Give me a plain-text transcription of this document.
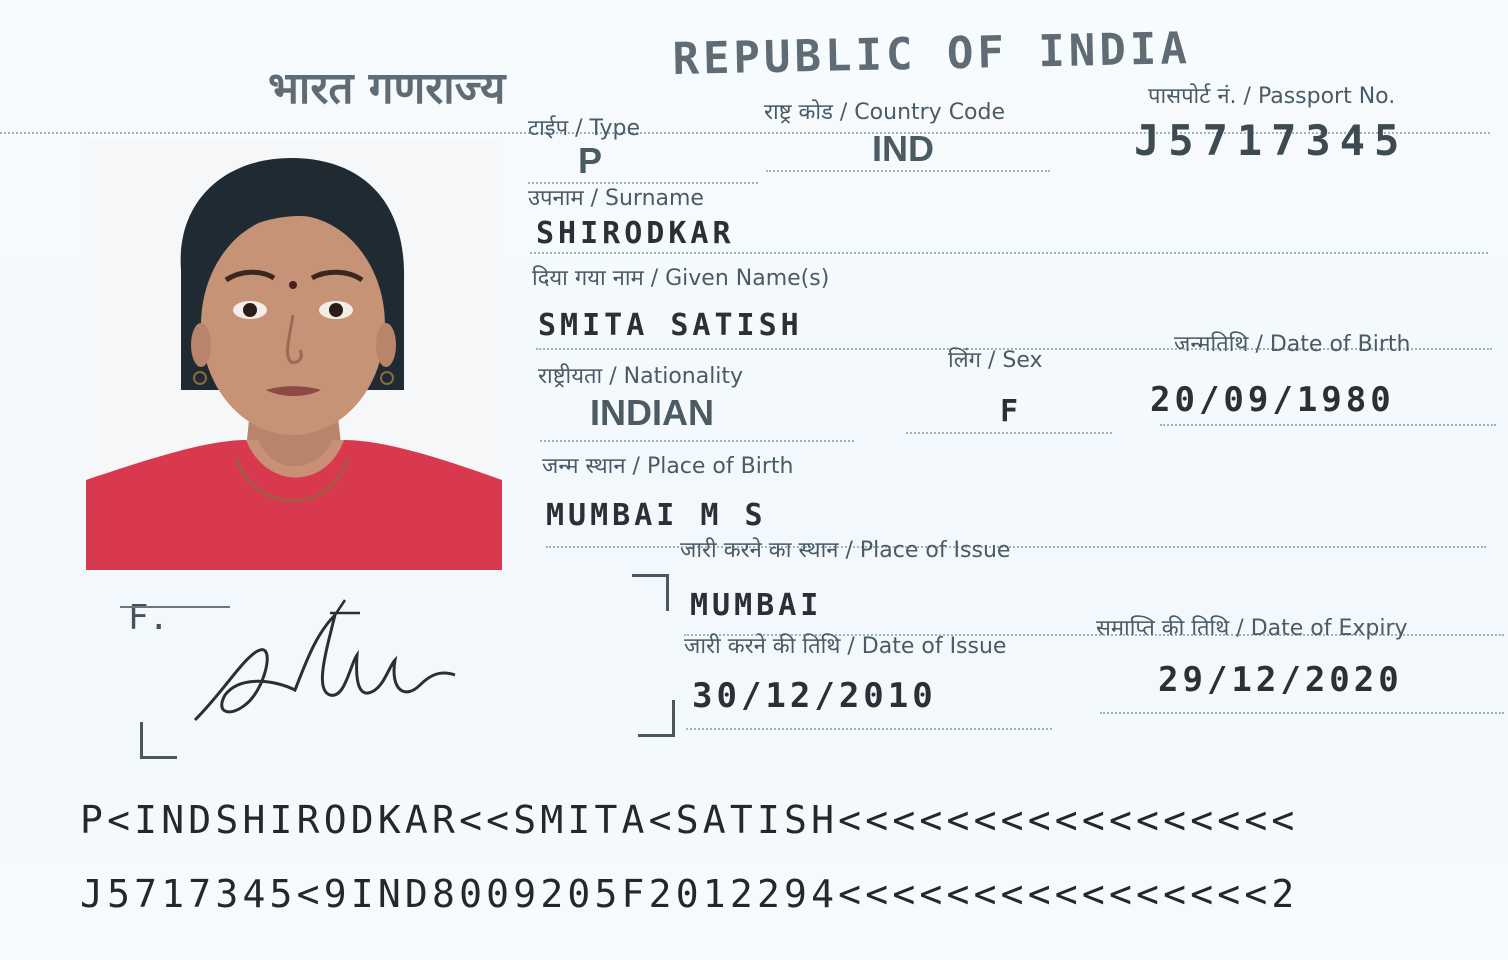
भारत गणराज्य
REPUBLIC OF INDIA
F.
टाईप / Type
P
राष्ट्र कोड / Country Code
IND
पासपोर्ट नं. / Passport No.
J5717345
उपनाम / Surname
SHIRODKAR
दिया गया नाम / Given Name(s)
SMITA SATISH
राष्ट्रीयता / Nationality
INDIAN
लिंग / Sex
F
जन्मतिथि / Date of Birth
20/09/1980
जन्म स्थान / Place of Birth
MUMBAI M S
जारी करने का स्थान / Place of Issue
MUMBAI
जारी करने की तिथि / Date of Issue
30/12/2010
समाप्ति की तिथि / Date of Expiry
29/12/2020
P<INDSHIRODKAR<<SMITA<SATISH<<<<<<<<<<<<<<<<<
J5717345<9IND8009205F2012294<<<<<<<<<<<<<<<<2
